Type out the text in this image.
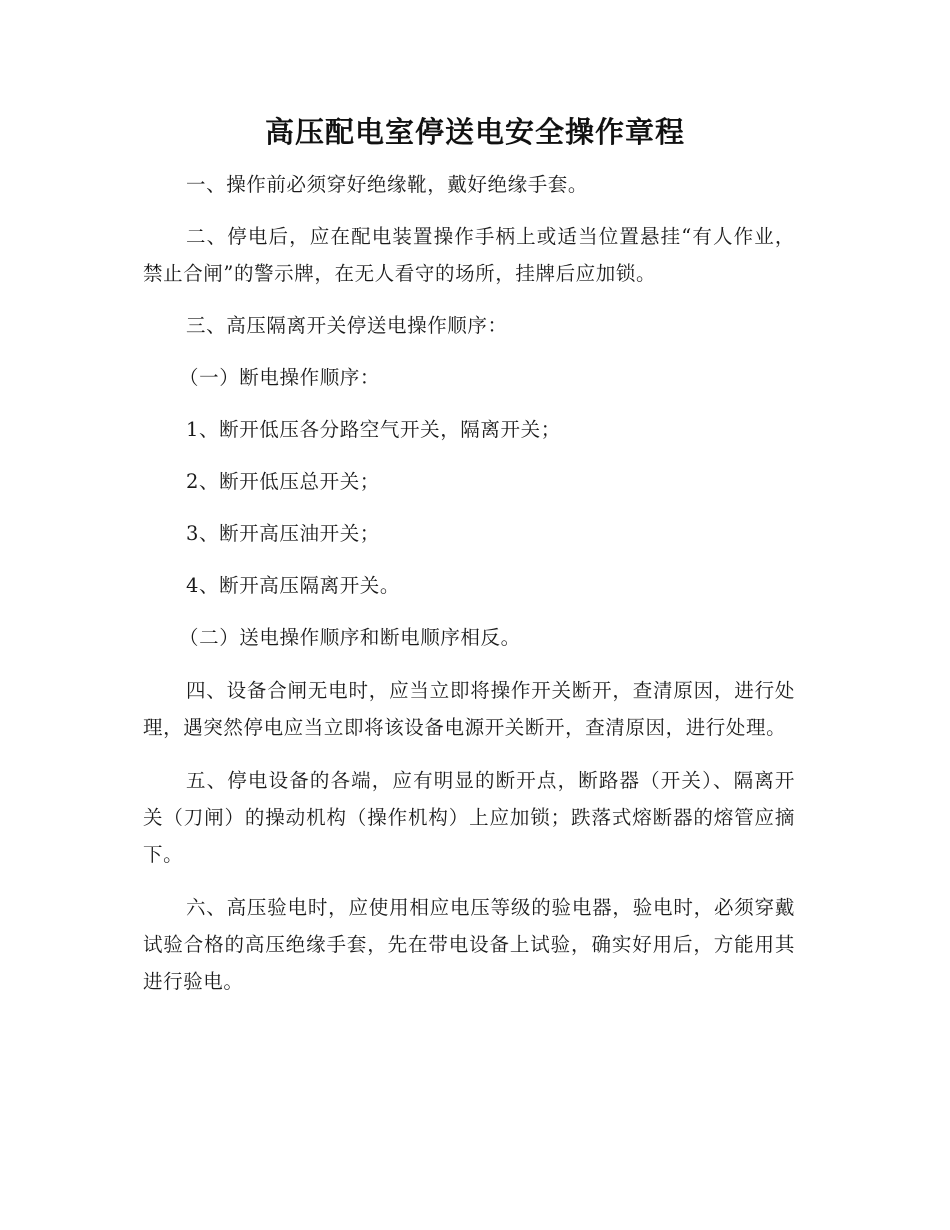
高压配电室停送电安全操作章程

一、操作前必须穿好绝缘靴，戴好绝缘手套。

二、停电后，应在配电装置操作手柄上或适当位置悬挂“有人作业，禁止合闸”的警示牌，在无人看守的场所，挂牌后应加锁。

三、高压隔离开关停送电操作顺序：

（一）断电操作顺序：

1、断开低压各分路空气开关，隔离开关；

2、断开低压总开关；

3、断开高压油开关；

4、断开高压隔离开关。

（二）送电操作顺序和断电顺序相反。

四、设备合闸无电时，应当立即将操作开关断开，查清原因，进行处理，遇突然停电应当立即将该设备电源开关断开，查清原因，进行处理。

五、停电设备的各端，应有明显的断开点，断路器（开关）、隔离开关（刀闸）的操动机构（操作机构）上应加锁；跌落式熔断器的熔管应摘下。

六、高压验电时，应使用相应电压等级的验电器，验电时，必须穿戴试验合格的高压绝缘手套，先在带电设备上试验，确实好用后，方能用其进行验电。
